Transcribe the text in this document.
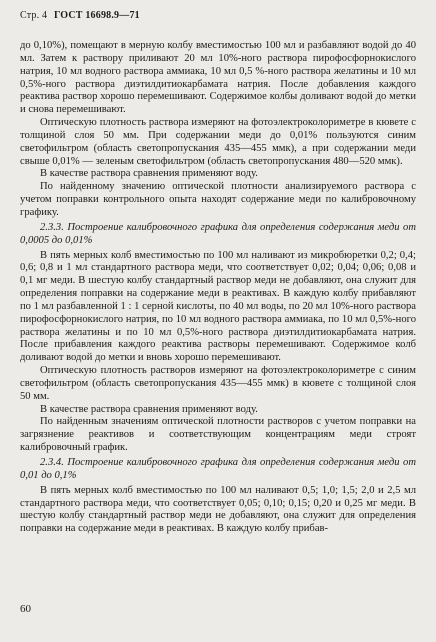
Стр. 4 ГОСТ 16698.9—71

до 0,10%), помещают в мерную колбу вместимостью 100 мл и разбавляют водой до 40 мл. Затем к раствору приливают 20 мл 10%-ного раствора пирофосфорнокислого натрия, 10 мл водного раствора аммиака, 10 мл 0,5 %-ного раствора желатины и 10 мл 0,5%-ного раствора диэтилдитиокарбамата натрия. После добавления каждого реактива раствор хорошо перемешивают. Содержимое колбы доливают водой до метки и снова перемешивают.

Оптическую плотность раствора измеряют на фотоэлектроколориметре в кювете с толщиной слоя 50 мм. При содержании меди до 0,01% пользуются синим светофильтром (область светопропускания 435—455 ммк), а при содержании меди свыше 0,01% — зеленым светофильтром (область светопропускания 480—520 ммк).

В качестве раствора сравнения применяют воду.

По найденному значению оптической плотности анализируемого раствора с учетом поправки контрольного опыта находят содержание меди по калибровочному графику.

2.3.3. Построение калибровочного графика для определения содержания меди от 0,0005 до 0,01%

В пять мерных колб вместимостью по 100 мл наливают из микробюретки 0,2; 0,4; 0,6; 0,8 и 1 мл стандартного раствора меди, что соответствует 0,02; 0,04; 0,06; 0,08 и 0,1 мг меди. В шестую колбу стандартный раствор меди не добавляют, она служит для определения поправки на содержание меди в реактивах. В каждую колбу прибавляют по 1 мл разбавленной 1 : 1 серной кислоты, по 40 мл воды, по 20 мл 10%-ного раствора пирофосфорнокислого натрия, по 10 мл водного раствора аммиака, по 10 мл 0,5%-ного раствора желатины и по 10 мл 0,5%-ного раствора диэтилдитиокарбамата натрия. После прибавления каждого реактива растворы перемешивают. Содержимое колб доливают водой до метки и вновь хорошо перемешивают.

Оптическую плотность растворов измеряют на фотоэлектроколориметре с синим светофильтром (область светопропускания 435—455 ммк) в кювете с толщиной слоя 50 мм.

В качестве раствора сравнения применяют воду.

По найденным значениям оптической плотности растворов с учетом поправки на загрязнение реактивов и соответствующим концентрациям меди строят калибровочный график.

2.3.4. Построение калибровочного графика для определения содержания меди от 0,01 до 0,1%

В пять мерных колб вместимостью по 100 мл наливают 0,5; 1,0; 1,5; 2,0 и 2,5 мл стандартного раствора меди, что соответствует 0,05; 0,10; 0,15; 0,20 и 0,25 мг меди. В шестую колбу стандартный раствор меди не добавляют, она служит для определения поправки на содержание меди в реактивах. В каждую колбу прибав-

60
